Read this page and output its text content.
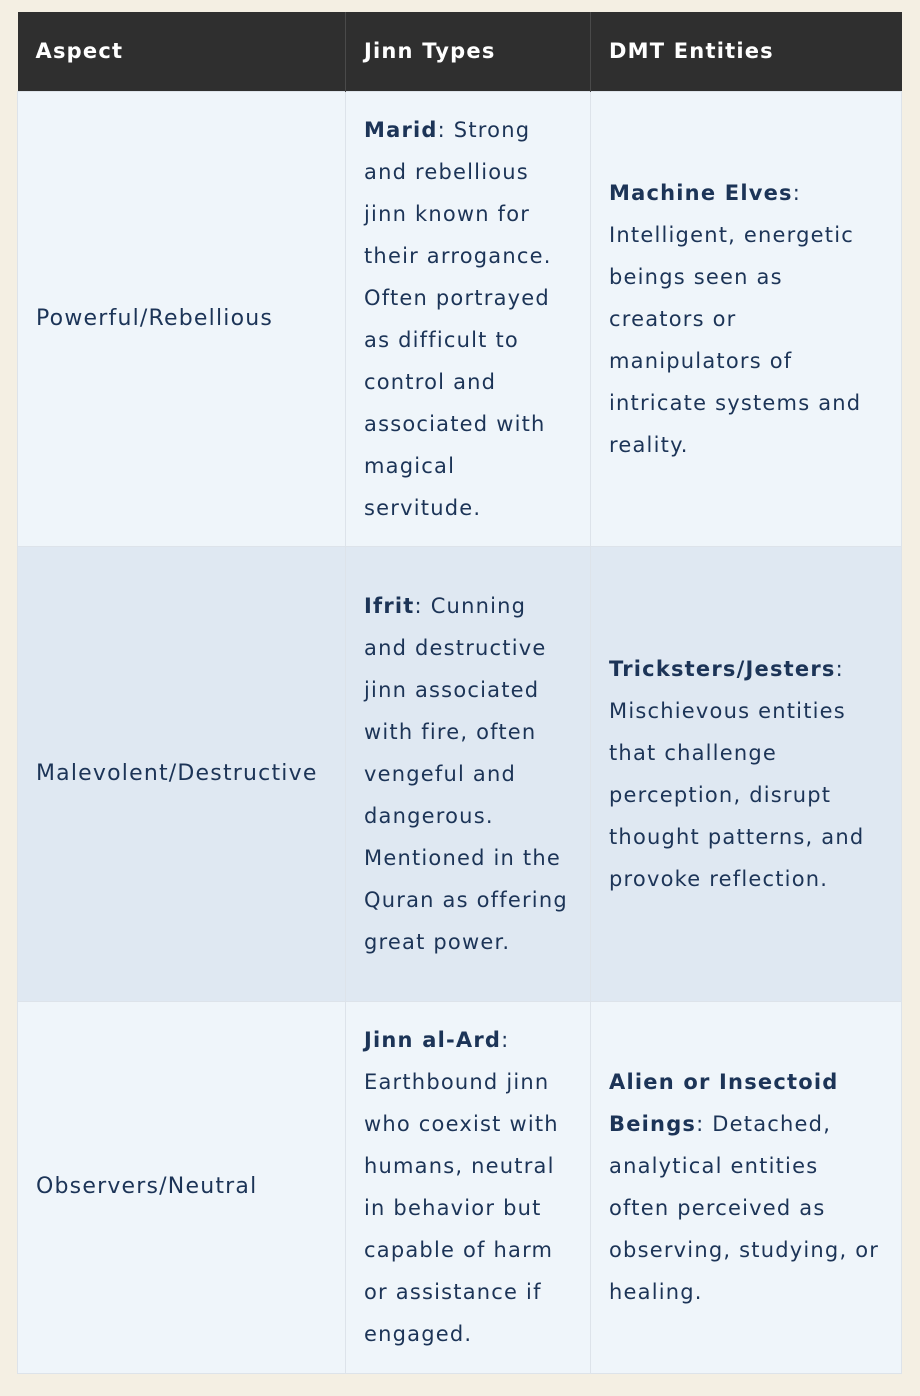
Aspect	Jinn Types	DMT Entities
Powerful/Rebellious	Marid: Strong and rebellious jinn known for their arrogance. Often portrayed as difficult to control and associated with magical servitude.	Machine Elves: Intelligent, energetic beings seen as creators or manipulators of intricate systems and reality.
Malevolent/Destructive	Ifrit: Cunning and destructive jinn associated with fire, often vengeful and dangerous. Mentioned in the Quran as offering great power.	Tricksters/Jesters: Mischievous entities that challenge perception, disrupt thought patterns, and provoke reflection.
Observers/Neutral	Jinn al-Ard: Earthbound jinn who coexist with humans, neutral in behavior but capable of harm or assistance if engaged.	Alien or Insectoid Beings: Detached, analytical entities often perceived as observing, studying, or healing.
